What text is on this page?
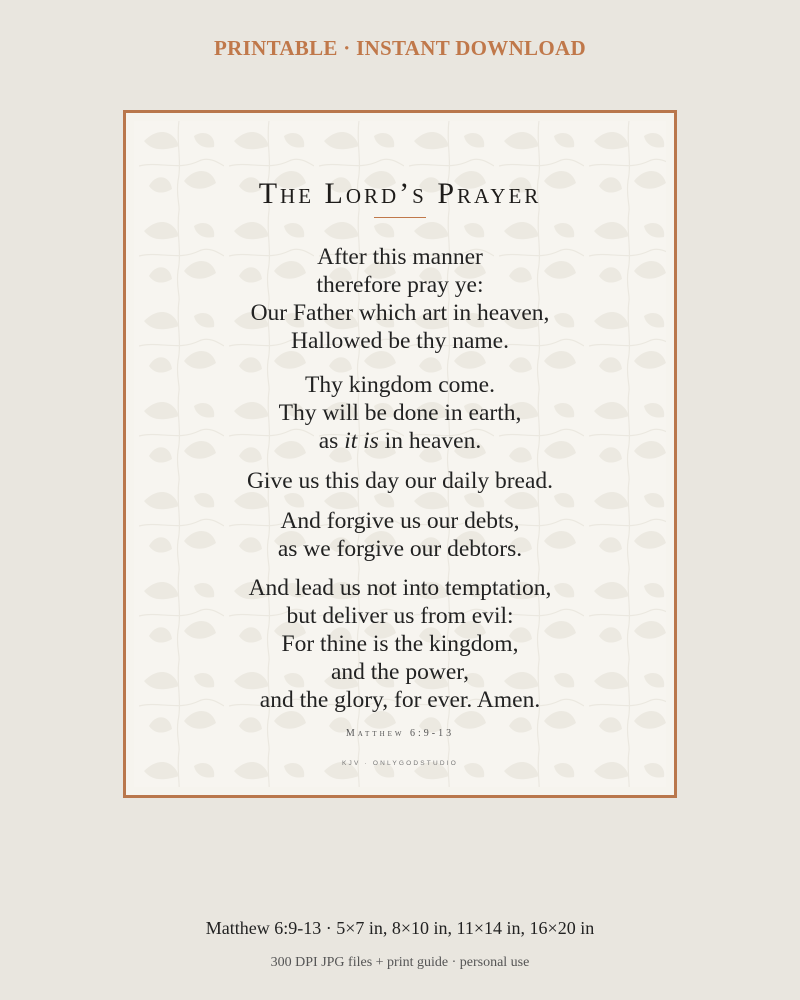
PRINTABLE · INSTANT DOWNLOAD
The Lord’s Prayer
After this manner
therefore pray ye:
Our Father which art in heaven,
Hallowed be thy name.
Thy kingdom come.
Thy will be done in earth,
as it is in heaven.
Give us this day our daily bread.
And forgive us our debts,
as we forgive our debtors.
And lead us not into temptation,
but deliver us from evil:
For thine is the kingdom,
and the power,
and the glory, for ever. Amen.
Matthew 6:9-13
KJV · ONLYGODSTUDIO
Matthew 6:9-13 · 5×7 in, 8×10 in, 11×14 in, 16×20 in
300 DPI JPG files + print guide · personal use
